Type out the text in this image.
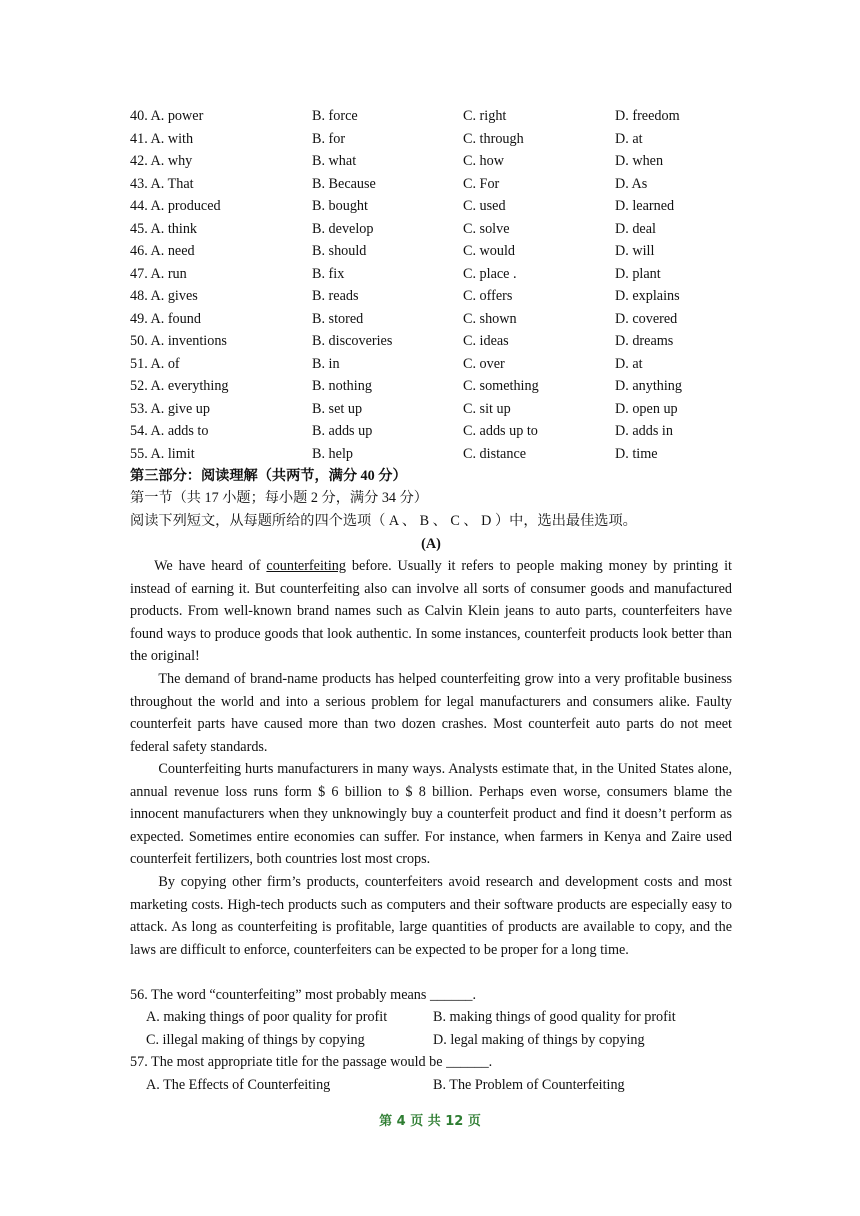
40. A. power	B. force	C. right	D. freedom
41. A. with	B. for	C. through	D. at
42. A. why	B. what	C. how	D. when
43. A. That	B. Because	C. For	D. As
44. A. produced	B. bought	C. used	D. learned
45. A. think	B. develop	C. solve	D. deal
46. A. need	B. should	C. would	D. will
47. A. run	B. fix	C. place .	D. plant
48. A. gives	B. reads	C. offers	D. explains
49. A. found	B. stored	C. shown	D. covered
50. A. inventions	B. discoveries	C. ideas	D. dreams
51. A. of	B. in	C. over	D. at
52. A. everything	B. nothing	C. something	D. anything
53. A. give up	B. set up	C. sit up	D. open up
54. A. adds to	B. adds up	C. adds up to	D. adds in
55. A. limit	B. help	C. distance	D. time
第三部分：阅读理解（共两节，满分 40 分）
第一节（共 17 小题；每小题 2 分，满分 34 分）
阅读下列短文，从每题所给的四个选项（ A 、 B 、 C 、 D ）中，选出最佳选项。
(A)

We have heard of counterfeiting before. Usually it refers to people making money by printing it instead of earning it. But counterfeiting also can involve all sorts of consumer goods and manufactured products. From well-known brand names such as Calvin Klein jeans to auto parts, counterfeiters have found ways to produce goods that look authentic. In some instances, counterfeit products look better than the original!

The demand of brand-name products has helped counterfeiting grow into a very profitable business throughout the world and into a serious problem for legal manufacturers and consumers alike. Faulty counterfeit parts have caused more than two dozen crashes. Most counterfeit auto parts do not meet federal safety standards.

Counterfeiting hurts manufacturers in many ways. Analysts estimate that, in the United States alone, annual revenue loss runs form $ 6 billion to $ 8 billion. Perhaps even worse, consumers blame the innocent manufacturers when they unknowingly buy a counterfeit product and find it doesn’t perform as expected. Sometimes entire economies can suffer. For instance, when farmers in Kenya and Zaire used counterfeit fertilizers, both countries lost most crops.

By copying other firm’s products, counterfeiters avoid research and development costs and most marketing costs. High-tech products such as computers and their software products are especially easy to attack. As long as counterfeiting is profitable, large quantities of products are available to copy, and the laws are difficult to enforce, counterfeiters can be expected to be proper for a long time.

56. The word “counterfeiting” most probably means ______.
A. making things of poor quality for profit	B. making things of good quality for profit
C. illegal making of things by copying	D. legal making of things by copying
57. The most appropriate title for the passage would be ______.
A. The Effects of Counterfeiting	B. The Problem of Counterfeiting
第 4 页 共 12 页
